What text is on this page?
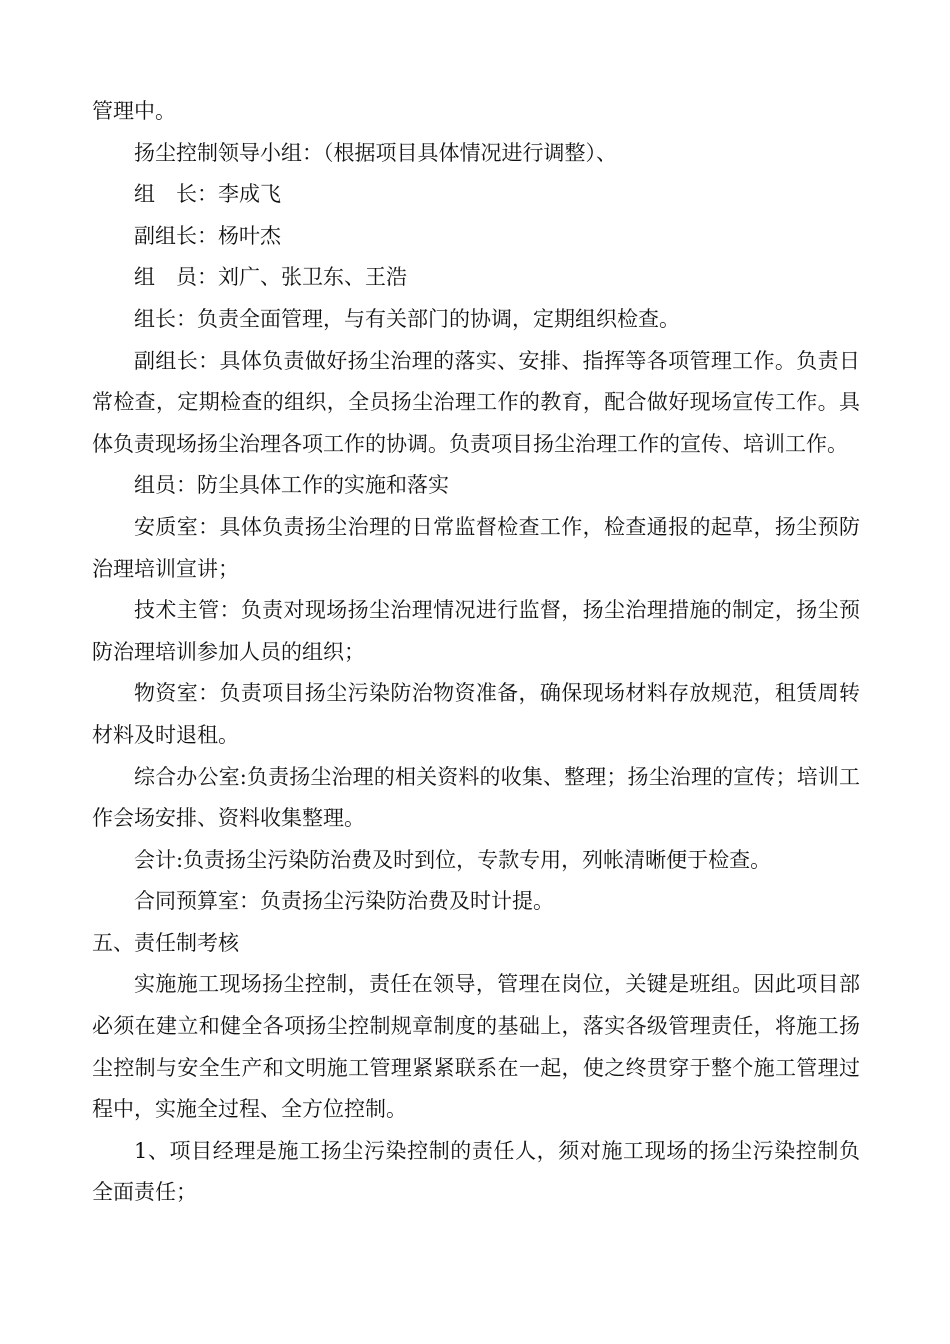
管理中。

扬尘控制领导小组：（根据项目具体情况进行调整）、

组　长：李成飞

副组长：杨叶杰

组　员：刘广、张卫东、王浩

组长：负责全面管理，与有关部门的协调，定期组织检查。

副组长：具体负责做好扬尘治理的落实、安排、指挥等各项管理工作。负责日常检查，定期检查的组织，全员扬尘治理工作的教育，配合做好现场宣传工作。具体负责现场扬尘治理各项工作的协调。负责项目扬尘治理工作的宣传、培训工作。

组员：防尘具体工作的实施和落实

安质室：具体负责扬尘治理的日常监督检查工作，检查通报的起草，扬尘预防治理培训宣讲；

技术主管：负责对现场扬尘治理情况进行监督，扬尘治理措施的制定，扬尘预防治理培训参加人员的组织；

物资室：负责项目扬尘污染防治物资准备，确保现场材料存放规范，租赁周转材料及时退租。

综合办公室:负责扬尘治理的相关资料的收集、整理；扬尘治理的宣传；培训工作会场安排、资料收集整理。

会计:负责扬尘污染防治费及时到位，专款专用，列帐清晰便于检查。

合同预算室：负责扬尘污染防治费及时计提。

五、责任制考核

实施施工现场扬尘控制，责任在领导，管理在岗位，关键是班组。因此项目部必须在建立和健全各项扬尘控制规章制度的基础上，落实各级管理责任，将施工扬尘控制与安全生产和文明施工管理紧紧联系在一起，使之终贯穿于整个施工管理过程中，实施全过程、全方位控制。

1、项目经理是施工扬尘污染控制的责任人，须对施工现场的扬尘污染控制负全面责任；
